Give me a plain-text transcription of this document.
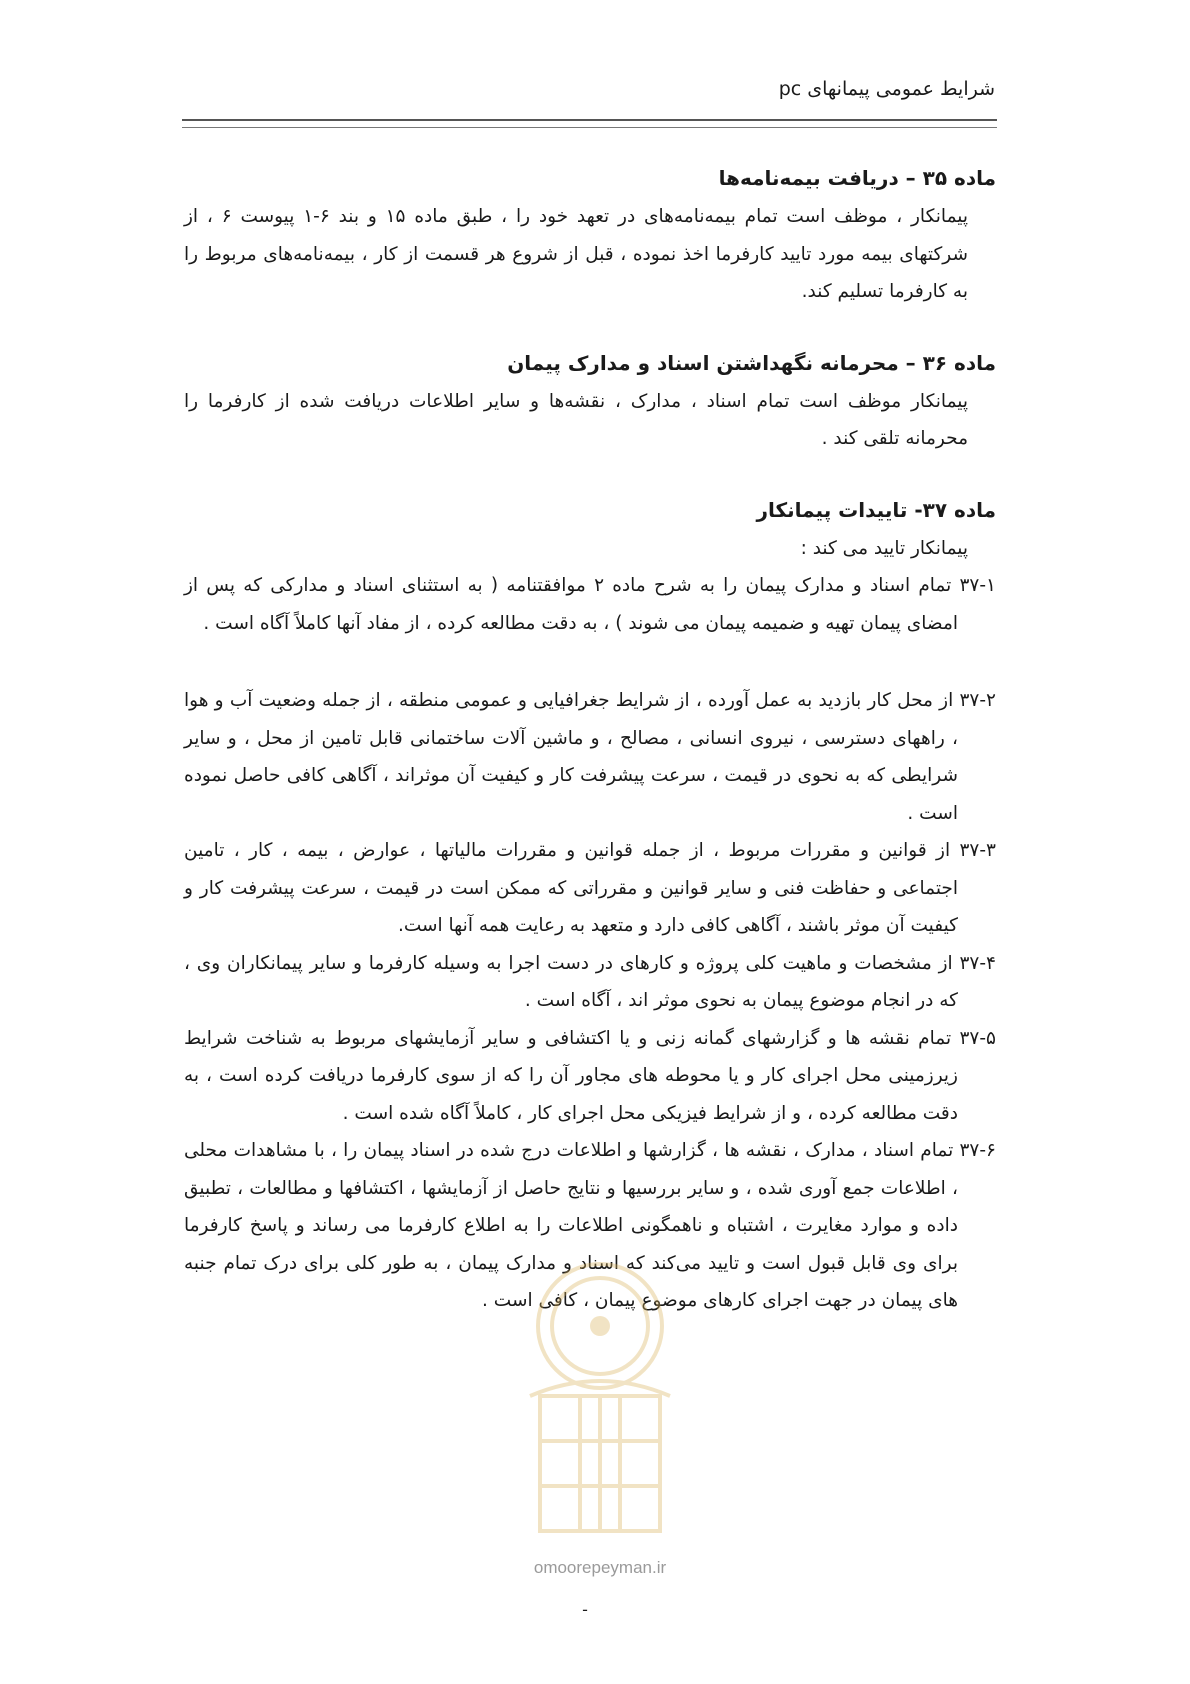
شرایط عمومی پیمانهای pc

ماده ۳۵ – دریافت بیمه‌نامه‌ها

پیمانکار ، موظف است تمام بیمه‌نامه‌های در تعهد خود را ، طبق ماده ۱۵ و بند ۶-۱ پیوست ۶ ، از شرکتهای بیمه مورد تایید کارفرما اخذ نموده ، قبل از شروع هر قسمت از کار ، بیمه‌نامه‌های مربوط را به کارفرما تسلیم کند.

ماده ۳۶ – محرمانه نگهداشتن اسناد و مدارک پیمان

پیمانکار موظف است تمام اسناد ، مدارک ، نقشه‌ها و سایر اطلاعات دریافت شده از کارفرما را محرمانه تلقی کند .

ماده ۳۷- تاییدات پیمانکار

پیمانکار تایید می کند :

۳۷-۱ تمام اسناد و مدارک پیمان را به شرح ماده ۲ موافقتنامه ( به استثنای اسناد و مدارکی که پس از امضای پیمان تهیه و ضمیمه پیمان می شوند ) ، به دقت مطالعه کرده ، از مفاد آنها کاملاً آگاه است .

۳۷-۲ از محل کار بازدید به عمل آورده ، از شرایط جغرافیایی و عمومی منطقه ، از جمله وضعیت آب و هوا ، راههای دسترسی ، نیروی انسانی ، مصالح ، و ماشین آلات ساختمانی قابل تامین از محل ، و سایر شرایطی که به نحوی در قیمت ، سرعت پیشرفت کار و کیفیت آن موثراند ، آگاهی کافی حاصل نموده است .

۳۷-۳ از قوانین و مقررات مربوط ، از جمله قوانین و مقررات مالیاتها ، عوارض ، بیمه ، کار ، تامین اجتماعی و حفاظت فنی و سایر قوانین و مقرراتی که ممکن است در قیمت ، سرعت پیشرفت کار و کیفیت آن موثر باشند ، آگاهی کافی دارد و متعهد به رعایت همه آنها است.

۳۷-۴ از مشخصات و ماهیت کلی پروژه و کارهای در دست اجرا به وسیله کارفرما و سایر پیمانکاران وی ، که در انجام موضوع پیمان به نحوی موثر اند ، آگاه است .

۳۷-۵ تمام نقشه ها و گزارشهای گمانه زنی و یا اکتشافی و سایر آزمایشهای مربوط به شناخت شرایط زیرزمینی محل اجرای کار و یا محوطه های مجاور آن را که از سوی کارفرما دریافت کرده است ، به دقت مطالعه کرده ، و از شرایط فیزیکی محل اجرای کار ، کاملاً آگاه شده است .

۳۷-۶ تمام اسناد ، مدارک ، نقشه ها ، گزارشها و اطلاعات درج شده در اسناد پیمان را ، با مشاهدات محلی ، اطلاعات جمع آوری شده ، و سایر بررسیها و نتایج حاصل از آزمایشها ، اکتشافها و مطالعات ، تطبیق داده و موارد مغایرت ، اشتباه و ناهمگونی اطلاعات را به اطلاع کارفرما می رساند و پاسخ کارفرما برای وی قابل قبول است و تایید می‌کند که اسناد و مدارک پیمان ، به طور کلی برای درک تمام جنبه های پیمان در جهت اجرای کارهای موضوع پیمان ، کافی است .

omoorepeyman.ir
-
